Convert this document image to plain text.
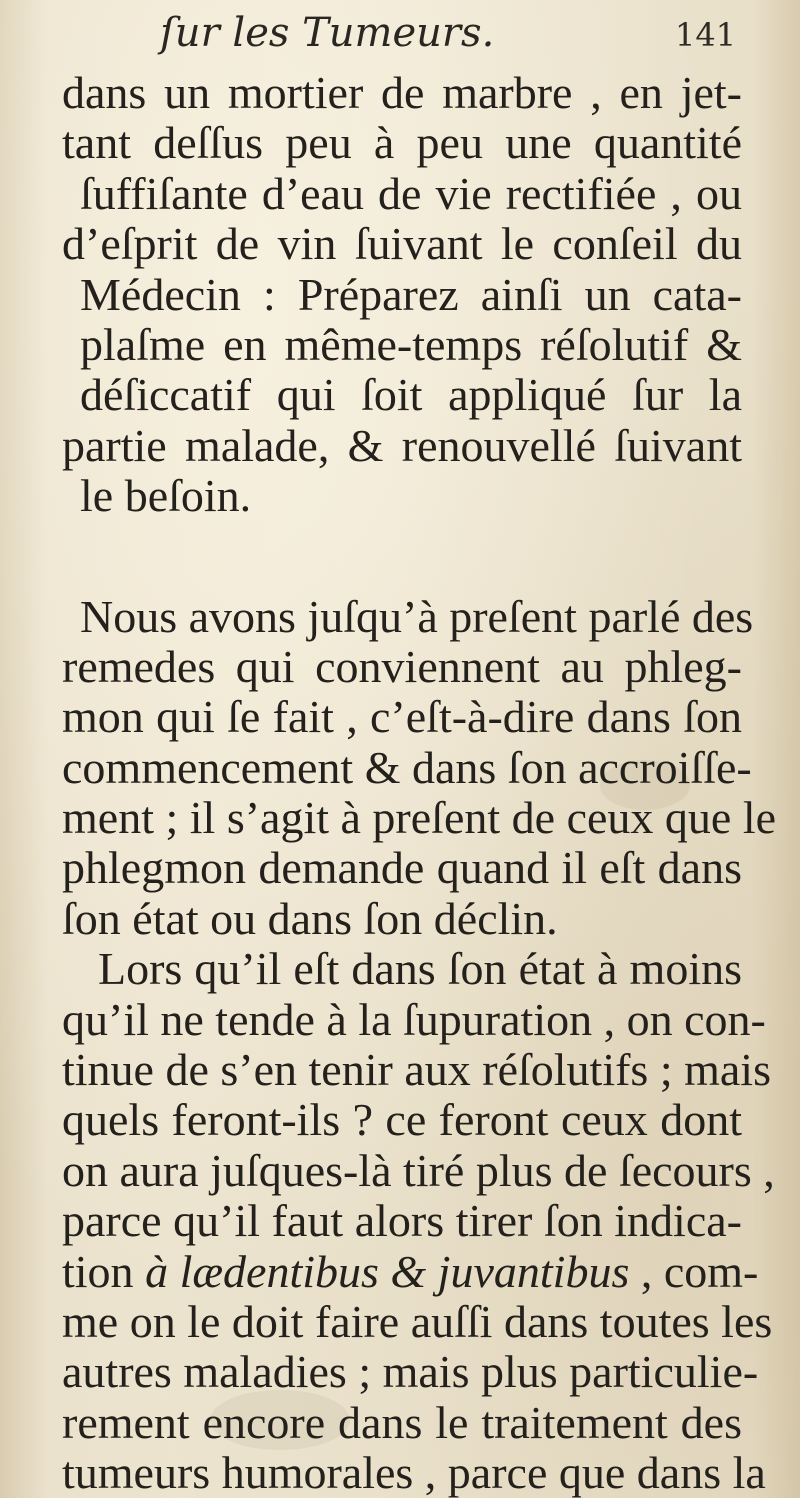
ſur les Tumeurs.	141
dans un mortier de marbre , en jet-
tant deſſus peu à peu une quantité
ſuffiſante d’eau de vie rectifiée , ou
d’eſprit de vin ſuivant le conſeil du
Médecin : Préparez ainſi un cata-
plaſme en même-temps réſolutif &
déſiccatif qui ſoit appliqué ſur la
partie malade, & renouvellé ſuivant
le beſoin.
Nous avons juſqu’à preſent parlé des
remedes qui conviennent au phleg-
mon qui ſe fait , c’eſt-à-dire dans ſon
commencement & dans ſon accroiſſe-
ment ; il s’agit à preſent de ceux que le
phlegmon demande quand il eſt dans
ſon état ou dans ſon déclin.
Lors qu’il eſt dans ſon état à moins
qu’il ne tende à la ſupuration , on con-
tinue de s’en tenir aux réſolutifs ; mais
quels feront-ils ? ce feront ceux dont
on aura juſques-là tiré plus de ſecours ,
parce qu’il faut alors tirer ſon indica-
tion à lædentibus & juvantibus , com-
me on le doit faire auſſi dans toutes les
autres maladies ; mais plus particulie-
rement encore dans le traitement des
tumeurs humorales , parce que dans la
